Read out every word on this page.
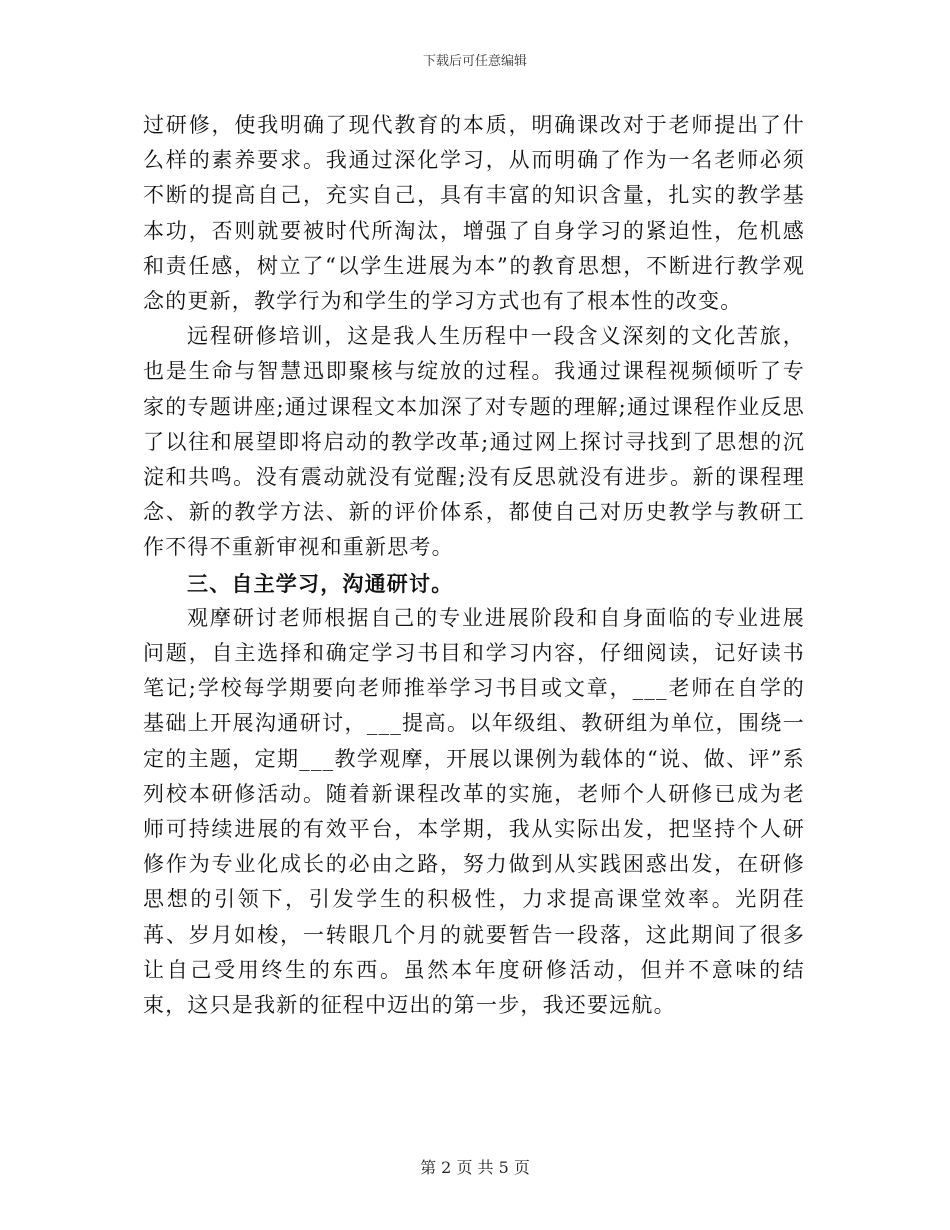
下载后可任意编辑

过研修，使我明确了现代教育的本质，明确课改对于老师提出了什么样的素养要求。我通过深化学习，从而明确了作为一名老师必须不断的提高自己，充实自己，具有丰富的知识含量，扎实的教学基本功，否则就要被时代所淘汰，增强了自身学习的紧迫性，危机感和责任感，树立了“以学生进展为本”的教育思想，不断进行教学观念的更新，教学行为和学生的学习方式也有了根本性的改变。

远程研修培训，这是我人生历程中一段含义深刻的文化苦旅，也是生命与智慧迅即聚核与绽放的过程。我通过课程视频倾听了专家的专题讲座;通过课程文本加深了对专题的理解;通过课程作业反思了以往和展望即将启动的教学改革;通过网上探讨寻找到了思想的沉淀和共鸣。没有震动就没有觉醒;没有反思就没有进步。新的课程理念、新的教学方法、新的评价体系，都使自己对历史教学与教研工作不得不重新审视和重新思考。

三、自主学习，沟通研讨。

观摩研讨老师根据自己的专业进展阶段和自身面临的专业进展问题，自主选择和确定学习书目和学习内容，仔细阅读，记好读书笔记;学校每学期要向老师推举学习书目或文章，___老师在自学的基础上开展沟通研讨，___提高。以年级组、教研组为单位，围绕一定的主题，定期___教学观摩，开展以课例为载体的“说、做、评”系列校本研修活动。随着新课程改革的实施，老师个人研修已成为老师可持续进展的有效平台，本学期，我从实际出发，把坚持个人研修作为专业化成长的必由之路，努力做到从实践困惑出发，在研修思想的引领下，引发学生的积极性，力求提高课堂效率。光阴荏苒、岁月如梭，一转眼几个月的就要暂告一段落，这此期间了很多让自己受用终生的东西。虽然本年度研修活动，但并不意味的结束，这只是我新的征程中迈出的第一步，我还要远航。

第 2 页 共 5 页
